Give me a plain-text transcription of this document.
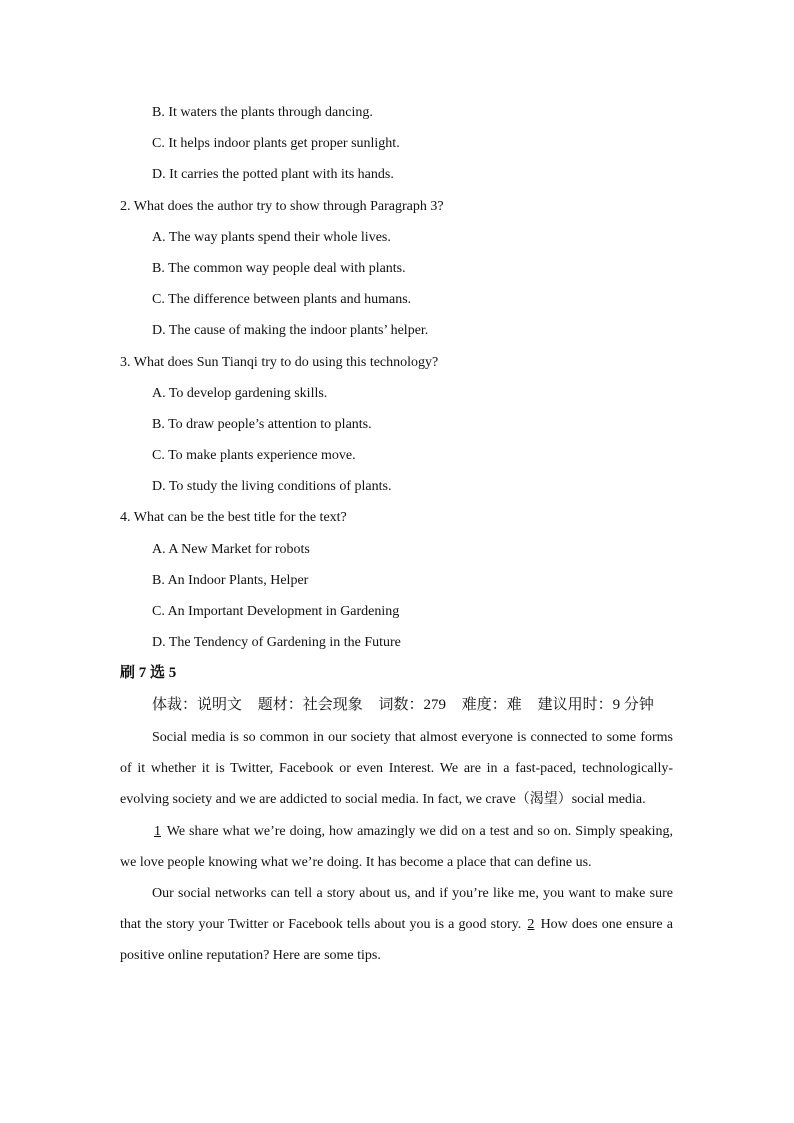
B. It waters the plants through dancing.
C. It helps indoor plants get proper sunlight.
D. It carries the potted plant with its hands.
2. What does the author try to show through Paragraph 3?
A. The way plants spend their whole lives.
B. The common way people deal with plants.
C. The difference between plants and humans.
D. The cause of making the indoor plants’ helper.
3. What does Sun Tianqi try to do using this technology?
A. To develop gardening skills.
B. To draw people’s attention to plants.
C. To make plants experience move.
D. To study the living conditions of plants.
4. What can be the best title for the text?
A. A New Market for robots
B. An Indoor Plants, Helper
C. An Important Development in Gardening
D. The Tendency of Gardening in the Future
刷 7 选 5
体裁：说明文 题材：社会现象 词数：279 难度：难 建议用时：9 分钟

Social media is so common in our society that almost everyone is connected to some forms of it whether it is Twitter, Facebook or even Interest. We are in a fast-paced, technologically-evolving society and we are addicted to social media. In fact, we crave（渴望）social media.

1 We share what we’re doing, how amazingly we did on a test and so on. Simply speaking, we love people knowing what we’re doing. It has become a place that can define us.

Our social networks can tell a story about us, and if you’re like me, you want to make sure that the story your Twitter or Facebook tells about you is a good story. 2 How does one ensure a positive online reputation? Here are some tips.
